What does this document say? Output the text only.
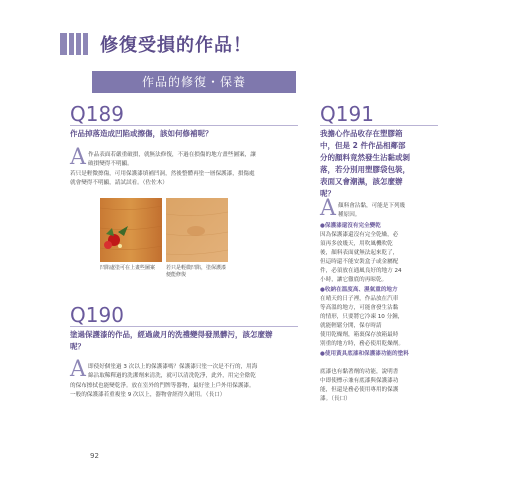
修復受損的作品！
作品的修復・保養
Q189
作品掉落造成凹陷或擦傷，該如何修補呢？
A 作品表面若嚴重破損，就無法修復，不過在損傷的地方畫些圖案，讓
破損變得不明顯。
若只是輕微擦傷，可用保護漆填補凹洞，然後整體再塗一層保護漆，損傷處
就會變得不明顯，請試試看。（佐佐木）
凹陷處塗可在上畫些圖案	若只是輕微凹陷，塗保護漆便能修復
Q190
塗過保護漆的作品，經過歲月的洗禮變得發黑髒污，該怎麼辦
呢？
A 即使好個塗過 3 次以上的保護漆嗎？保護漆只塗一次是不行的，用海
綿沾取稀釋過的洗潔劑來清洗，就可以清洗乾淨，此外，用完全陰乾
的保布擦拭也能變乾淨。放在室外的門牌等器物，最好塗上戶外用保護漆。
一般的保護漆若重複塗 9 次以上，器物會經得久耐用。（長口）
Q191
我擔心作品收存在塑膠箱
中，但是 2 件作品相鄰部
分的顏料竟然發生沾黏或剝
落，若分別用塑膠袋包裝，
表面又會潮濕，該怎麼辦
呢？
A 顏料會沾黏，可能是下列幾
種原因。
●保護漆還沒有完全變乾
因為保護漆還沒有完全乾燥，必
須再多放幾天，用吹風機吹乾
後，顏料表面就無法起來乾了，
但這時還不能安裝盒子或金屬配
件，必須放在通風良好的地方 24
小時，讓它徹底的再晾乾。
●收納在溫度高、濕氣重的地方
在晴天的日子裡，作品放在汽車
等高溫的地方，可能會發生沾黏
的情形，只要將它冷凍 10 分鐘，
就能輕鬆分開，保存時請
使用乾燥劑，箱裏保存放箱最時
別重的地方時，務必使用乾燥劑。
●使用黃具底漆和保護漆功能的塗料
底漆也有黏著劑的功能，說明書
中即使標示兼有底漆與保護漆功
能，但還是務必使用專用的保護
漆。（長口）
92
